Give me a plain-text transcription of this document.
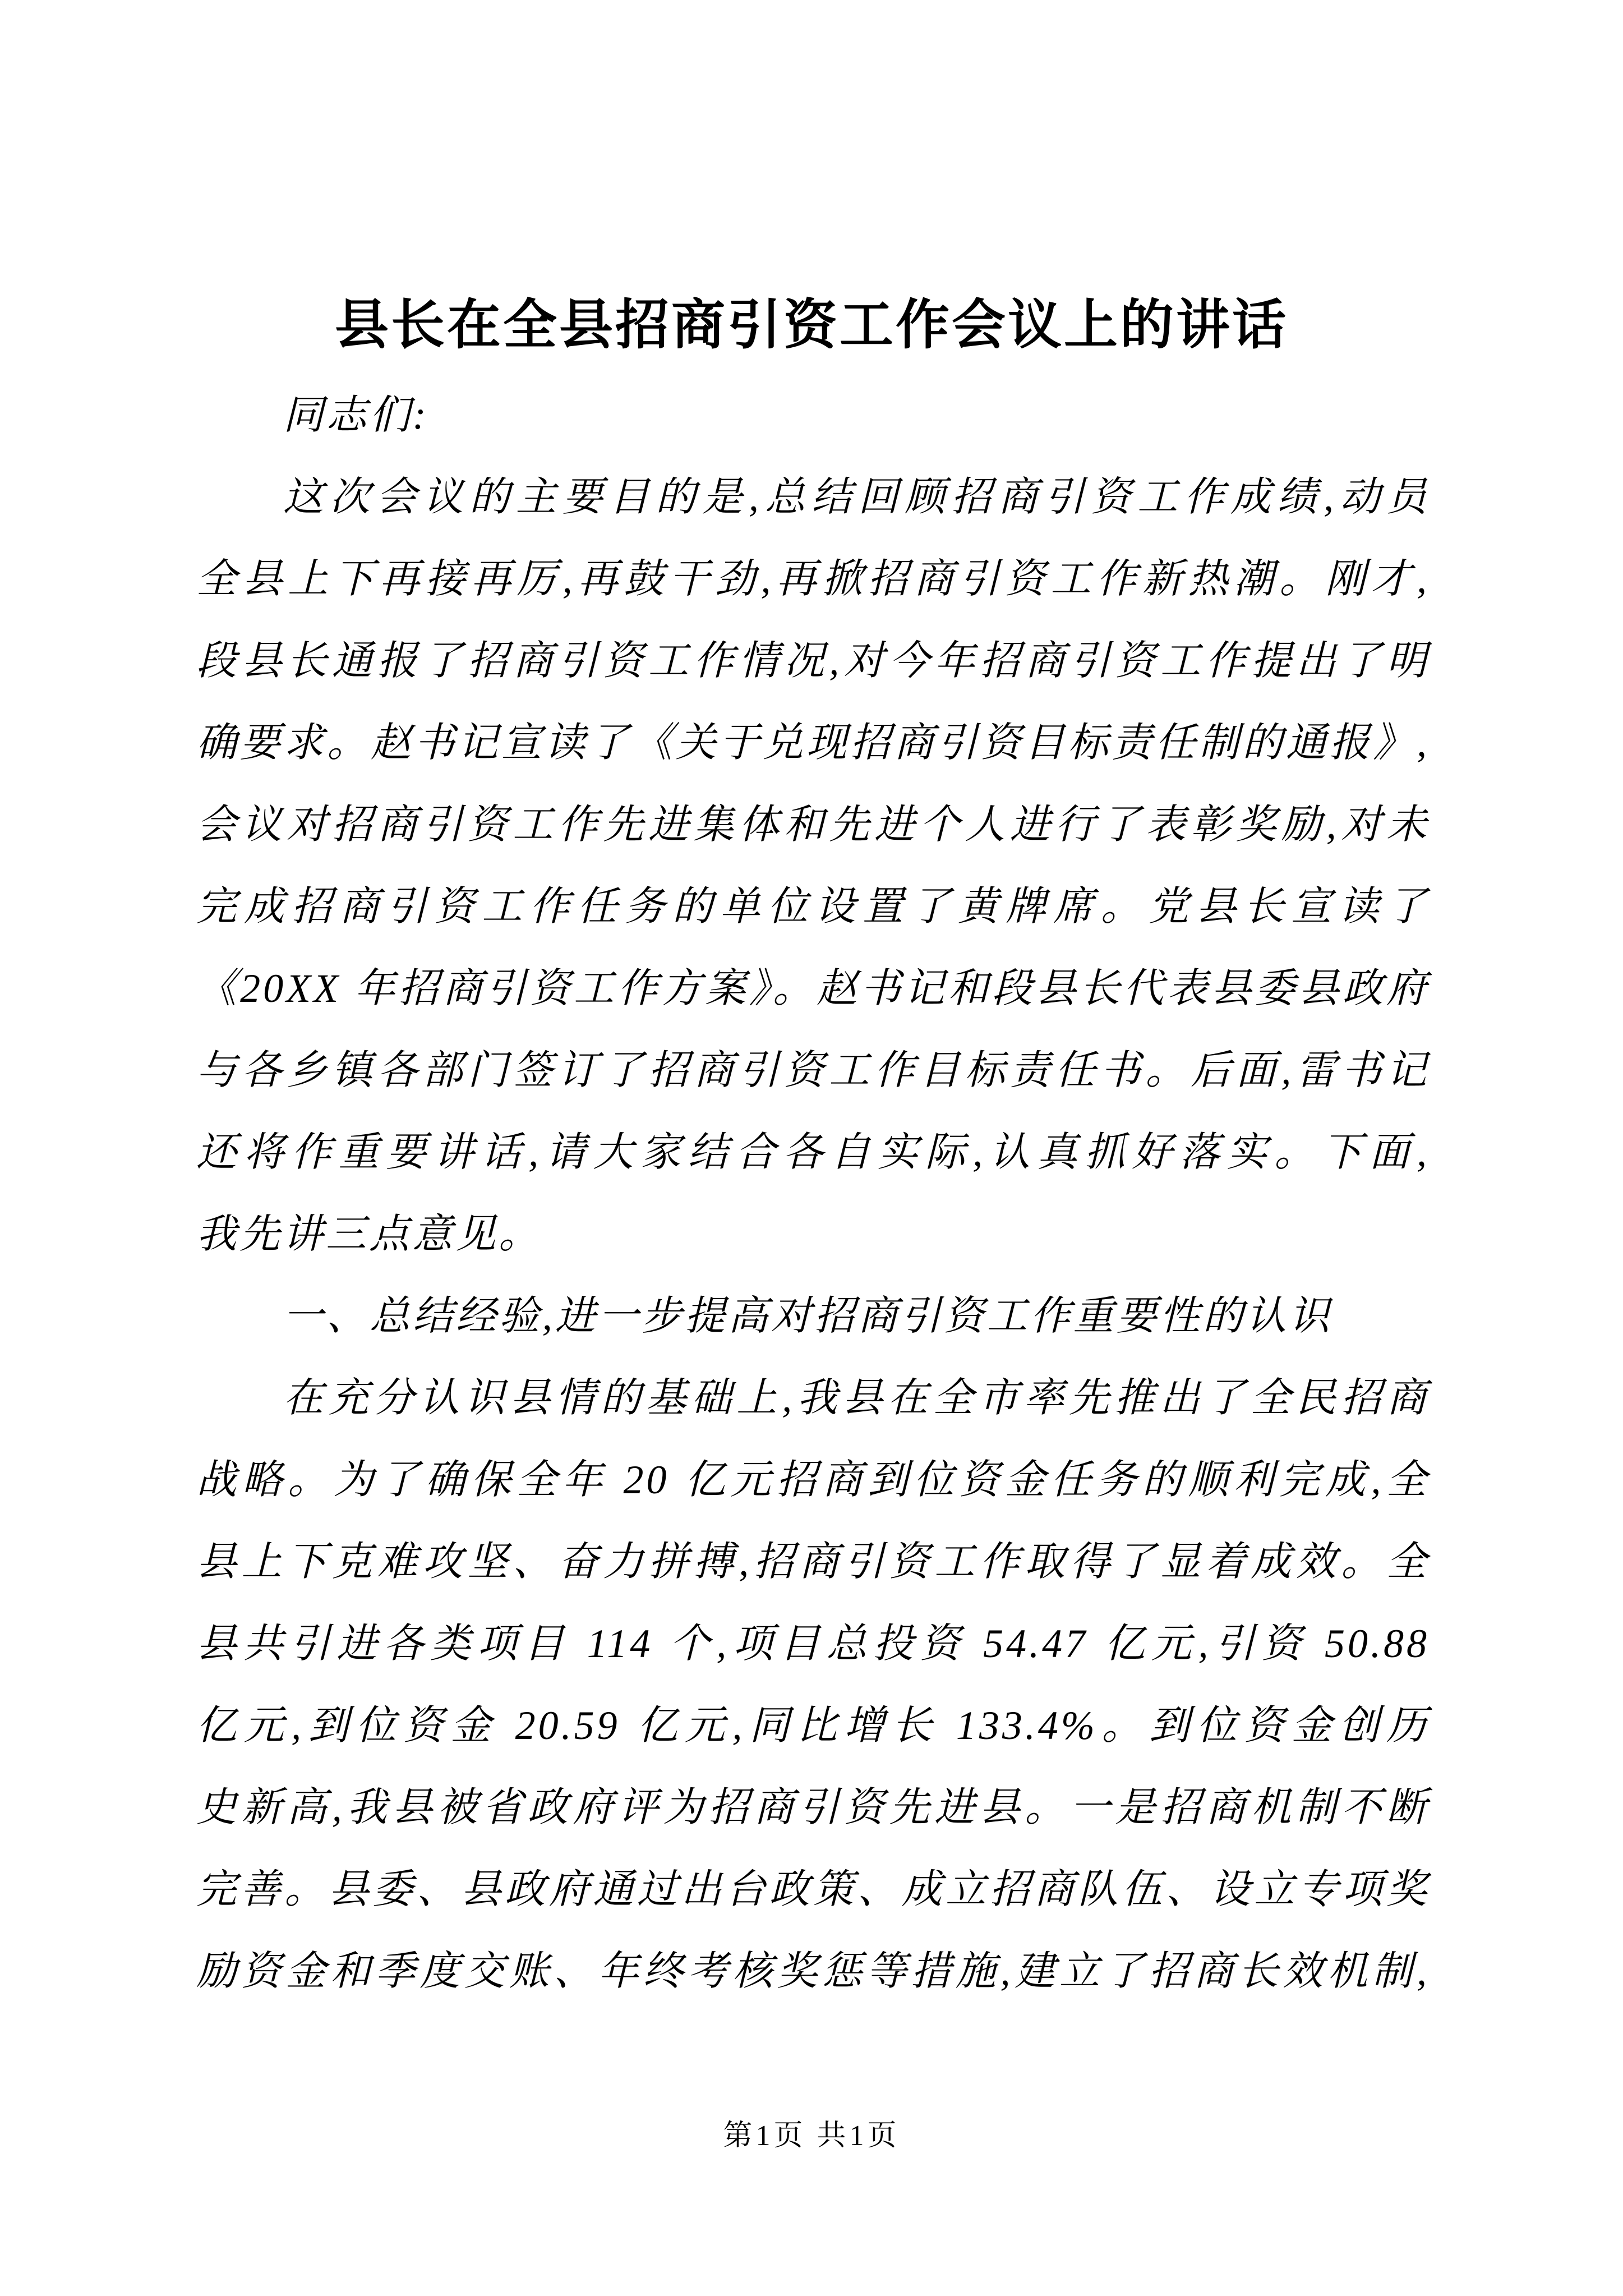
县长在全县招商引资工作会议上的讲话
同志们:
这次会议的主要目的是,总结回顾招商引资工作成绩,动员
全县上下再接再厉,再鼓干劲,再掀招商引资工作新热潮。刚才,
段县长通报了招商引资工作情况,对今年招商引资工作提出了明
确要求。赵书记宣读了《关于兑现招商引资目标责任制的通报》,
会议对招商引资工作先进集体和先进个人进行了表彰奖励,对未
完成招商引资工作任务的单位设置了黄牌席。党县长宣读了
《20XX 年招商引资工作方案》。赵书记和段县长代表县委县政府
与各乡镇各部门签订了招商引资工作目标责任书。后面,雷书记
还将作重要讲话,请大家结合各自实际,认真抓好落实。下面,
我先讲三点意见。
一、总结经验,进一步提高对招商引资工作重要性的认识
在充分认识县情的基础上,我县在全市率先推出了全民招商
战略。为了确保全年 20 亿元招商到位资金任务的顺利完成,全
县上下克难攻坚、奋力拼搏,招商引资工作取得了显着成效。全
县共引进各类项目 114 个,项目总投资 54.47 亿元,引资 50.88
亿元,到位资金 20.59 亿元,同比增长 133.4%。到位资金创历
史新高,我县被省政府评为招商引资先进县。一是招商机制不断
完善。县委、县政府通过出台政策、成立招商队伍、设立专项奖
励资金和季度交账、年终考核奖惩等措施,建立了招商长效机制,
第1页 共1页
